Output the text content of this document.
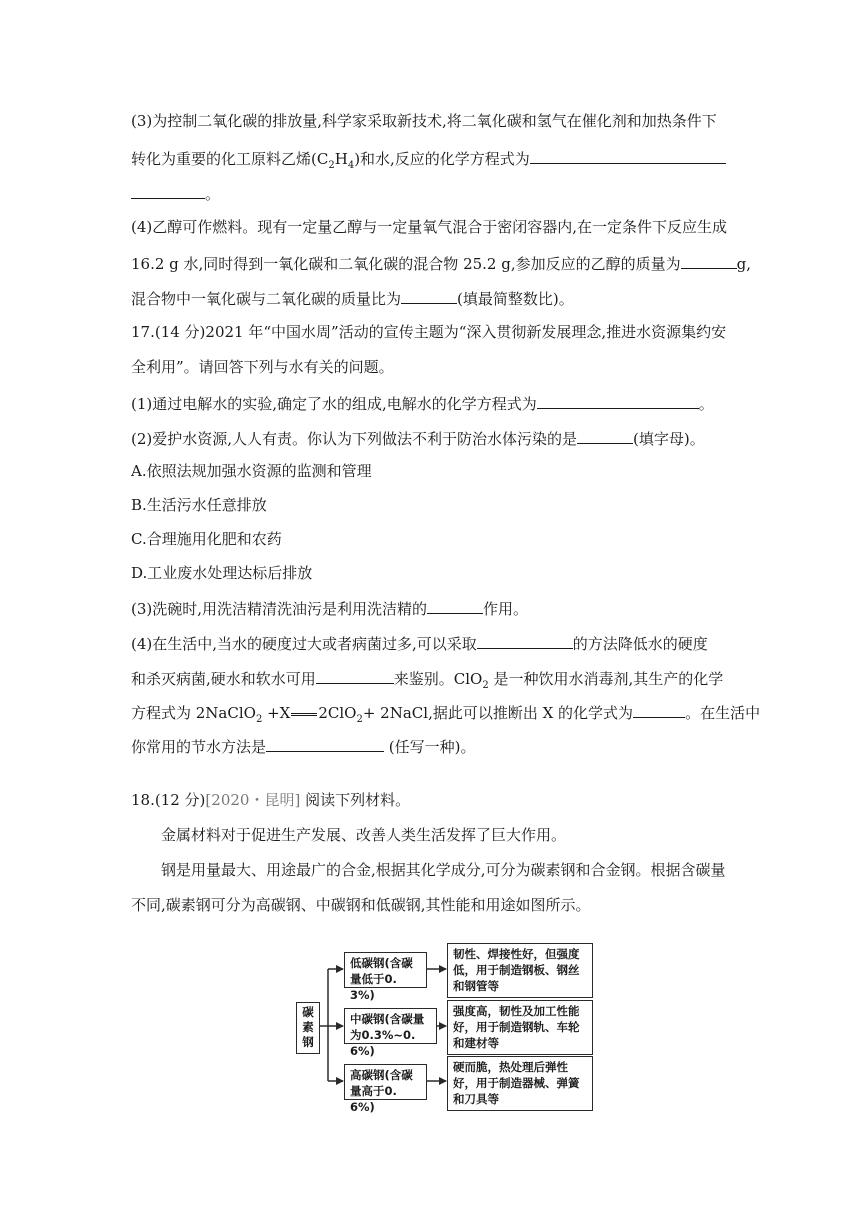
(3)为控制二氧化碳的排放量,科学家采取新技术,将二氧化碳和氢气在催化剂和加热条件下
转化为重要的化工原料乙烯$(C_2H_4)$和水,反应的化学方程式为
。
(4)乙醇可作燃料。现有一定量乙醇与一定量氧气混合于密闭容器内,在一定条件下反应生成
16.2 g 水,同时得到一氧化碳和二氧化碳的混合物 25.2 g,参加反应的乙醇的质量为	g,
混合物中一氧化碳与二氧化碳的质量比为	(填最简整数比)。
17.(14 分)2021 年“中国水周”活动的宣传主题为“深入贯彻新发展理念,推进水资源集约安
全利用”。请回答下列与水有关的问题。
(1)通过电解水的实验,确定了水的组成,电解水的化学方程式为	。
(2)爱护水资源,人人有责。你认为下列做法不利于防治水体污染的是	(填字母)。
A.依照法规加强水资源的监测和管理
B.生活污水任意排放
C.合理施用化肥和农药
D.工业废水处理达标后排放
(3)洗碗时,用洗洁精清洗油污是利用洗洁精的	作用。
(4)在生活中,当水的硬度过大或者病菌过多,可以采取	的方法降低水的硬度
和杀灭病菌,硬水和软水可用	来鉴别。ClO$_2$ 是一种饮用水消毒剂,其生产的化学
方程式为 2NaClO$_2$ +X 2ClO$_2$+ 2NaCl,据此可以推断出 X 的化学式为	。在生活中
你常用的节水方法是	(任写一种)。
18.(12 分)[2020・昆明] 阅读下列材料。
金属材料对于促进生产发展、改善人类生活发挥了巨大作用。
钢是用量最大、用途最广的合金,根据其化学成分,可分为碳素钢和合金钢。根据含碳量
不同,碳素钢可分为高碳钢、中碳钢和低碳钢,其性能和用途如图所示。
碳素钢
低碳钢(含碳量低于0.3%)
中碳钢(含碳量为0.3%~0.6%)
高碳钢(含碳量高于0.6%)
韧性、焊接性好，但强度低，用于制造钢板、钢丝和钢管等
强度高，韧性及加工性能好，用于制造钢轨、车轮和建材等
硬而脆，热处理后弹性好，用于制造器械、弹簧和刀具等
